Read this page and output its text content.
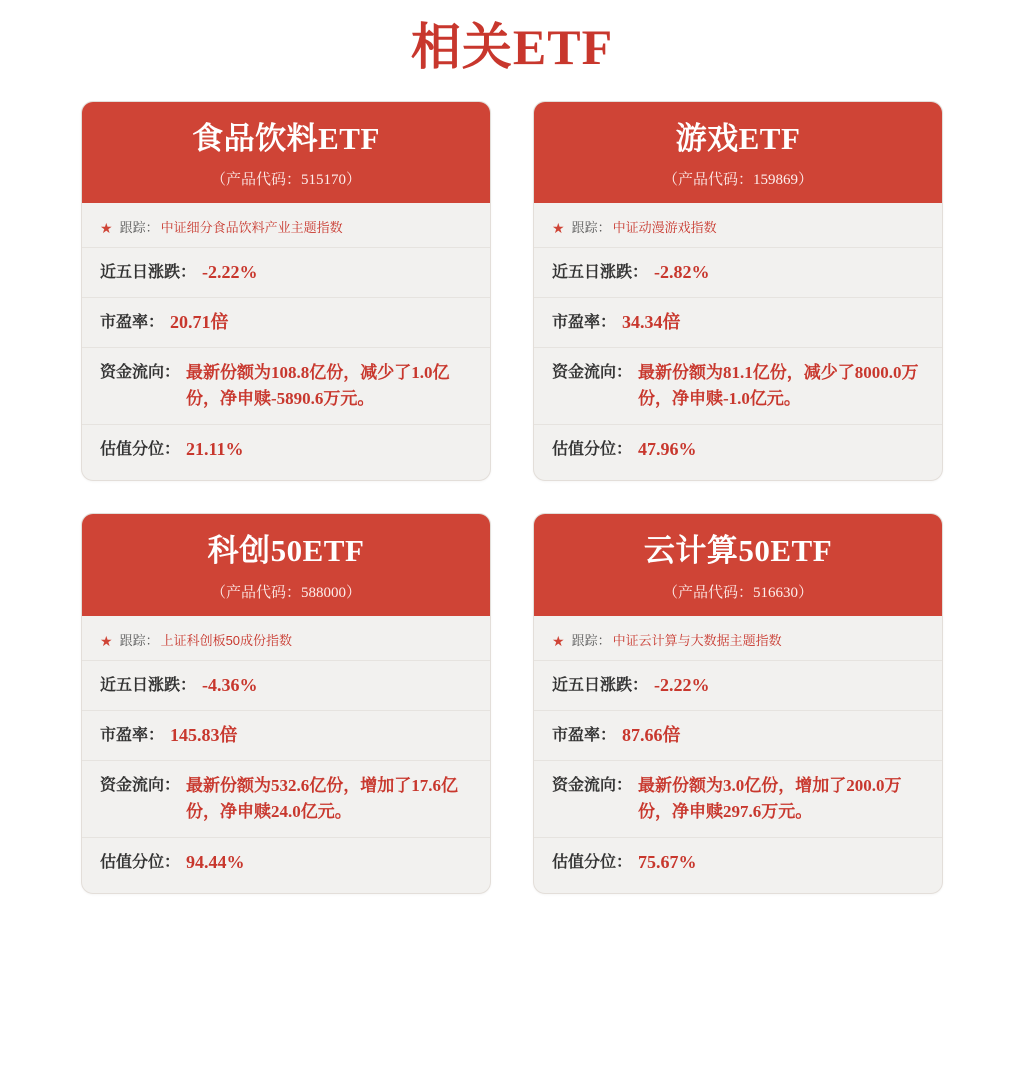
相关ETF
食品饮料ETF
（产品代码：515170）
★ 跟踪： 中证细分食品饮料产业主题指数
近五日涨跌： -2.22%
市盈率： 20.71倍
资金流向： 最新份额为108.8亿份，减少了1.0亿份，净申赎-5890.6万元。
估值分位： 21.11%
游戏ETF
（产品代码：159869）
★ 跟踪： 中证动漫游戏指数
近五日涨跌： -2.82%
市盈率： 34.34倍
资金流向： 最新份额为81.1亿份，减少了8000.0万份，净申赎-1.0亿元。
估值分位： 47.96%
科创50ETF
（产品代码：588000）
★ 跟踪： 上证科创板50成份指数
近五日涨跌： -4.36%
市盈率： 145.83倍
资金流向： 最新份额为532.6亿份，增加了17.6亿份，净申赎24.0亿元。
估值分位： 94.44%
云计算50ETF
（产品代码：516630）
★ 跟踪： 中证云计算与大数据主题指数
近五日涨跌： -2.22%
市盈率： 87.66倍
资金流向： 最新份额为3.0亿份，增加了200.0万份，净申赎297.6万元。
估值分位： 75.67%
